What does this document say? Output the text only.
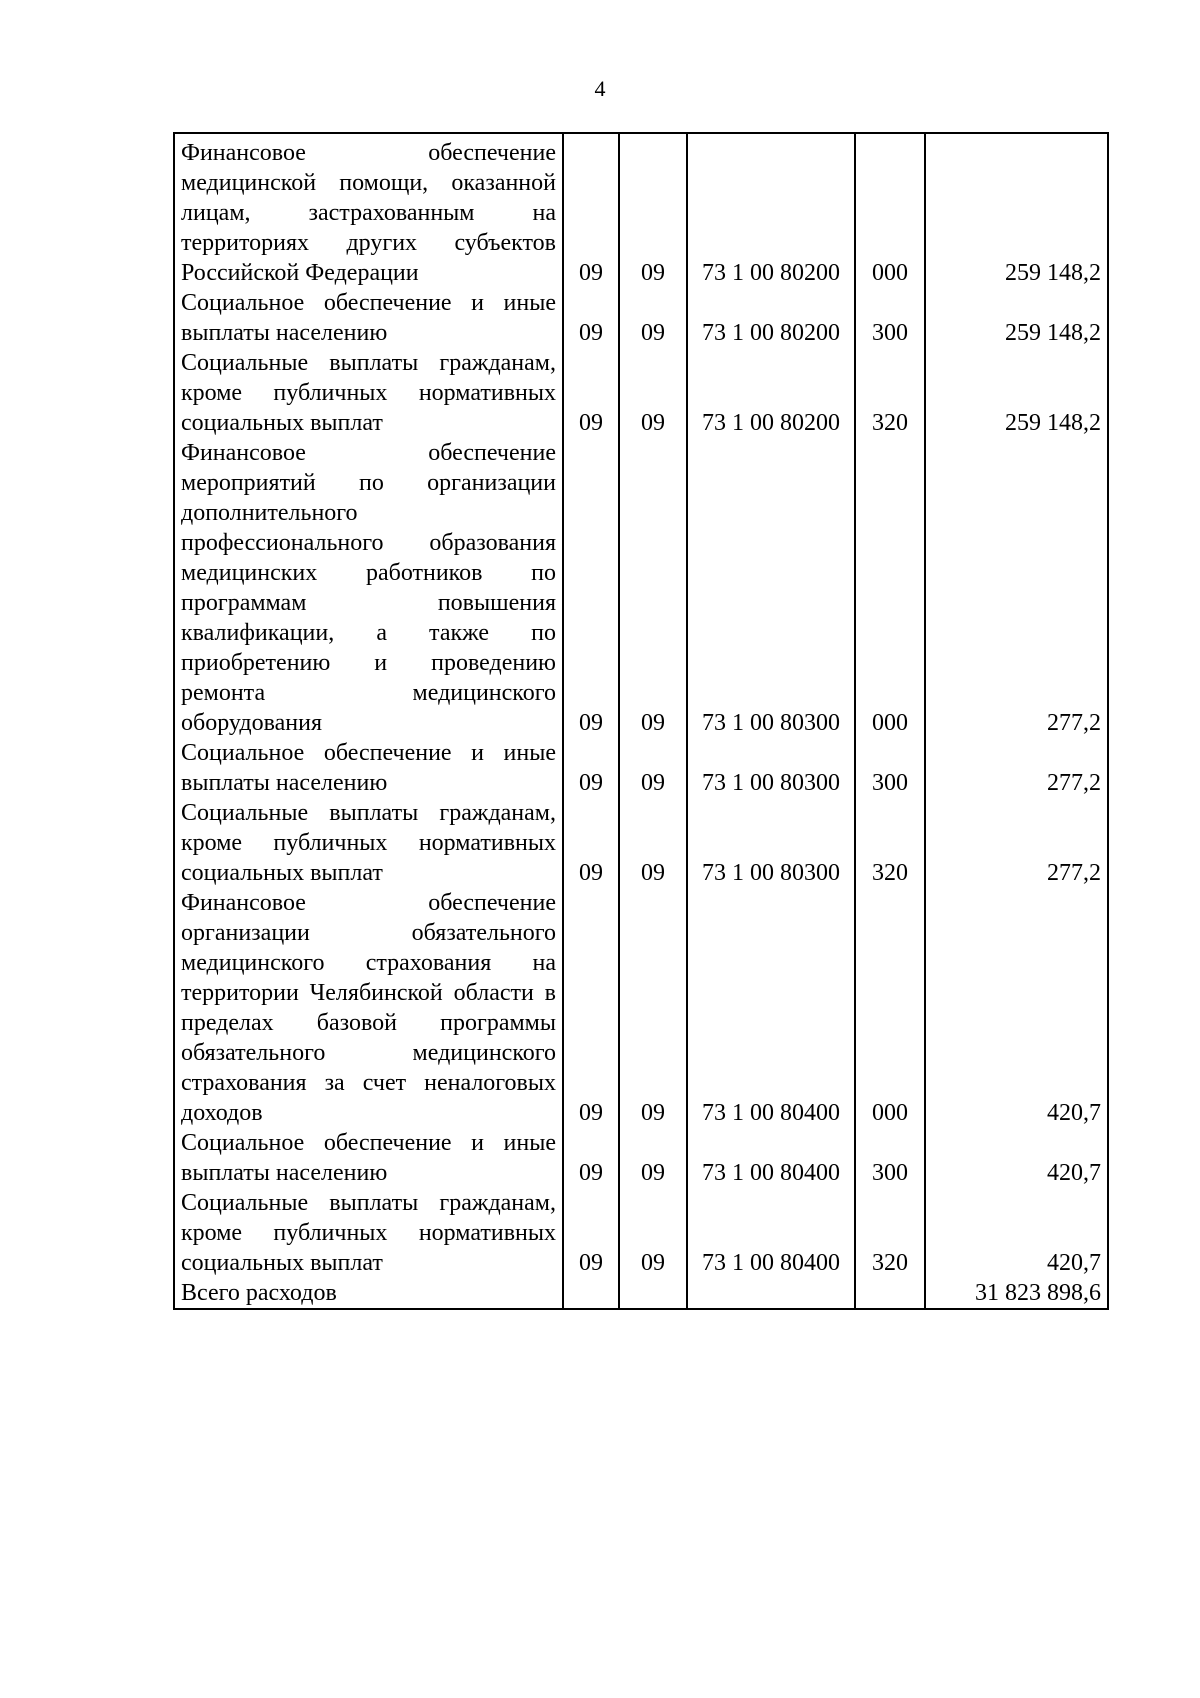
4
Финансовое обеспечение медицинской помощи, оказанной лицам, застрахованным на территориях других субъектов Российской Федерации	09	09	73 1 00 80200	000	259 148,2
Социальное обеспечение и иные выплаты населению	09	09	73 1 00 80200	300	259 148,2
Социальные выплаты гражданам, кроме публичных нормативных социальных выплат	09	09	73 1 00 80200	320	259 148,2
Финансовое обеспечение мероприятий по организации дополнительного профессионального образования медицинских работников по программам повышения квалификации, а также по приобретению и проведению ремонта медицинского оборудования	09	09	73 1 00 80300	000	277,2
Социальное обеспечение и иные выплаты населению	09	09	73 1 00 80300	300	277,2
Социальные выплаты гражданам, кроме публичных нормативных социальных выплат	09	09	73 1 00 80300	320	277,2
Финансовое обеспечение организации обязательного медицинского страхования на территории Челябинской области в пределах базовой программы обязательного медицинского страхования за счет неналоговых доходов	09	09	73 1 00 80400	000	420,7
Социальное обеспечение и иные выплаты населению	09	09	73 1 00 80400	300	420,7
Социальные выплаты гражданам, кроме публичных нормативных социальных выплат	09	09	73 1 00 80400	320	420,7
Всего расходов					31 823 898,6
